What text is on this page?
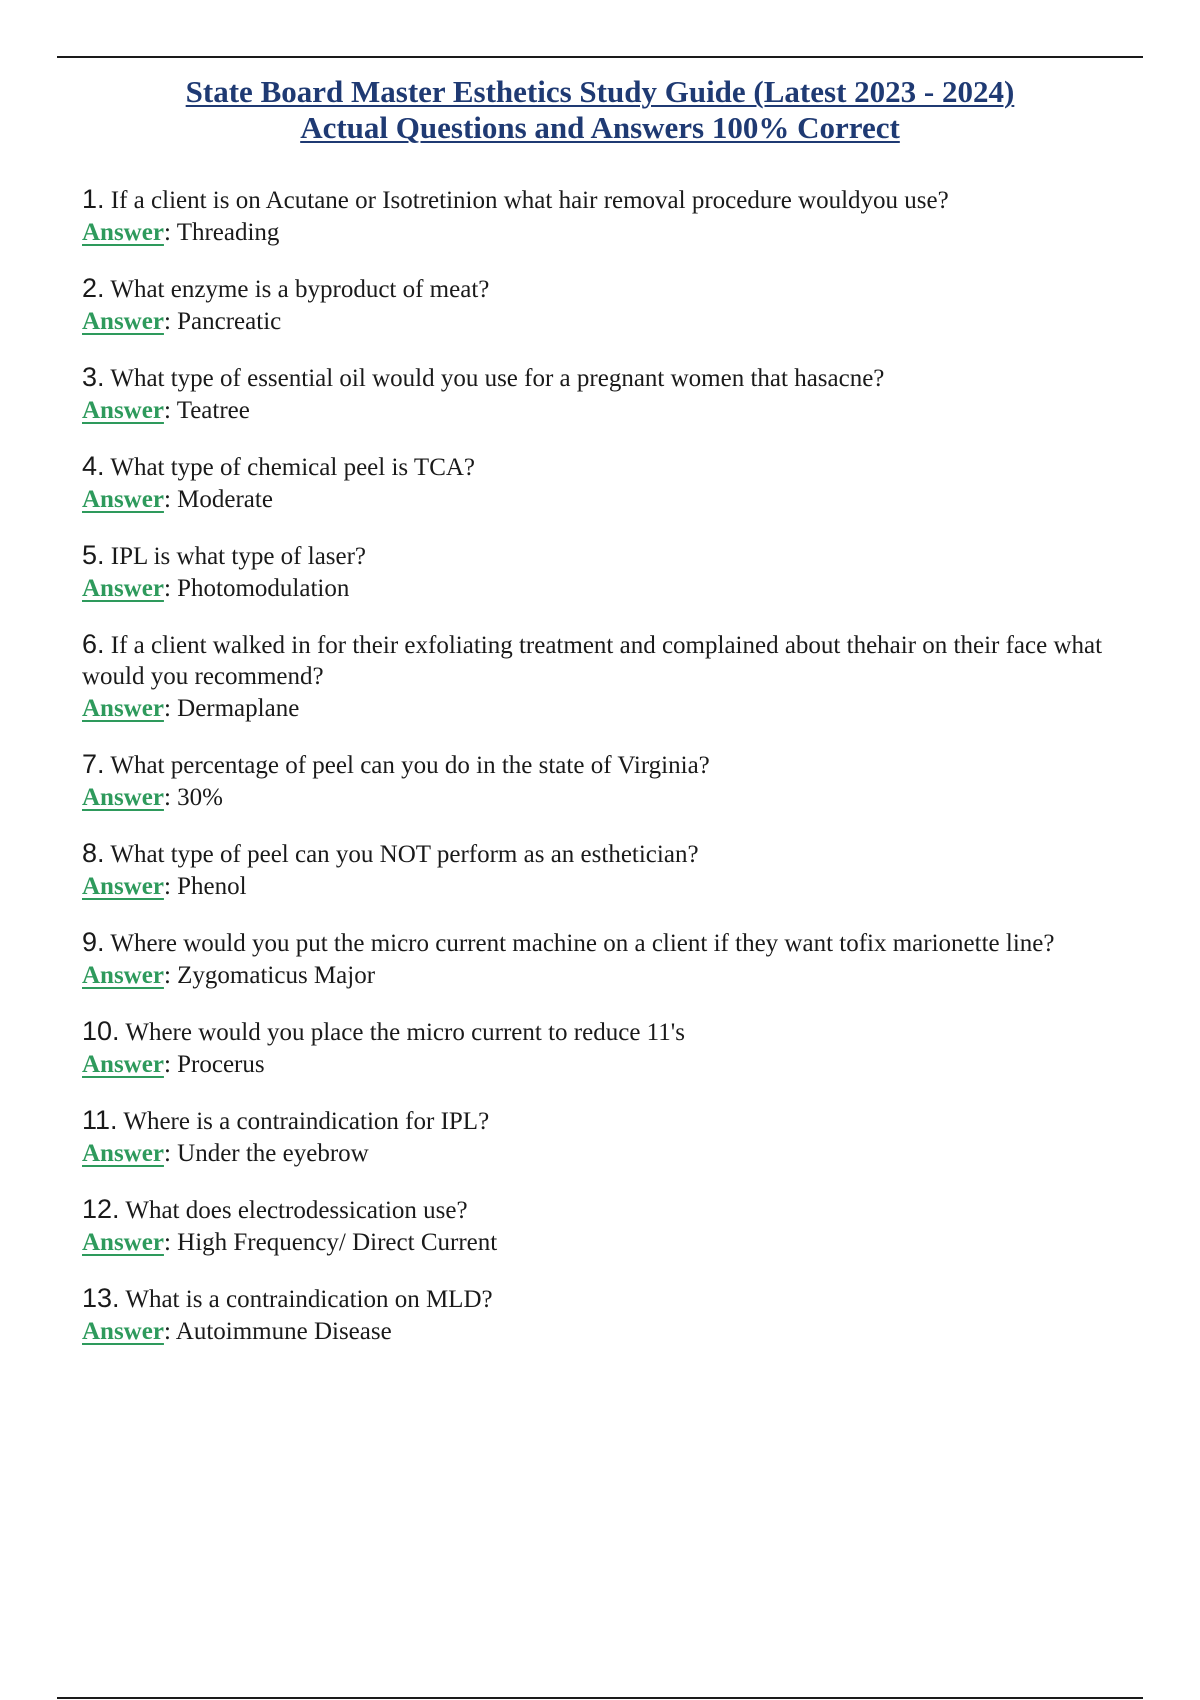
State Board Master Esthetics Study Guide (Latest 2023 - 2024)
Actual Questions and Answers 100% Correct
1. If a client is on Acutane or Isotretinion what hair removal procedure wouldyou use?
Answer: Threading
2. What enzyme is a byproduct of meat?
Answer: Pancreatic
3. What type of essential oil would you use for a pregnant women that hasacne?
Answer: Teatree
4. What type of chemical peel is TCA?
Answer: Moderate
5. IPL is what type of laser?
Answer: Photomodulation
6. If a client walked in for their exfoliating treatment and complained about thehair on their face what would you recommend?
Answer: Dermaplane
7. What percentage of peel can you do in the state of Virginia?
Answer: 30%
8. What type of peel can you NOT perform as an esthetician?
Answer: Phenol
9. Where would you put the micro current machine on a client if they want tofix marionette line?
Answer: Zygomaticus Major
10. Where would you place the micro current to reduce 11's
Answer: Procerus
11. Where is a contraindication for IPL?
Answer: Under the eyebrow
12. What does electrodessication use?
Answer: High Frequency/ Direct Current
13. What is a contraindication on MLD?
Answer: Autoimmune Disease
